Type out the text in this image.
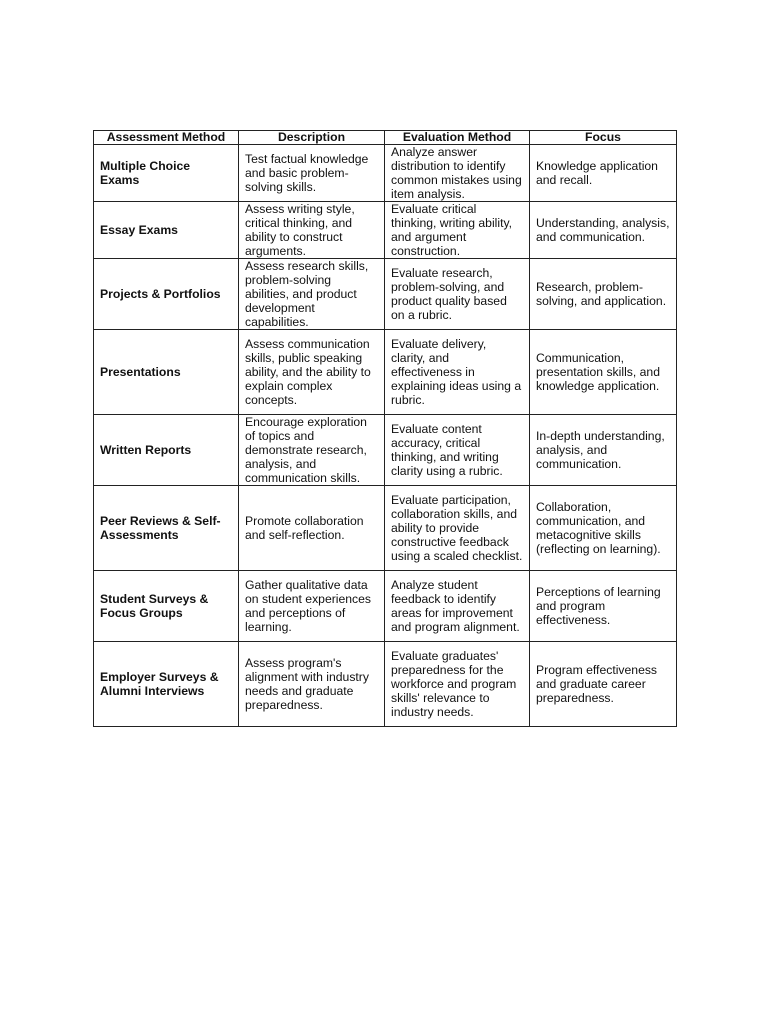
Assessment Method	Description	Evaluation Method	Focus
Multiple Choice Exams	Test factual knowledge and basic problem-solving skills.	Analyze answer distribution to identify common mistakes using item analysis.	Knowledge application and recall.
Essay Exams	Assess writing style, critical thinking, and ability to construct arguments.	Evaluate critical thinking, writing ability, and argument construction.	Understanding, analysis, and communication.
Projects & Portfolios	Assess research skills, problem-solving abilities, and product development capabilities.	Evaluate research, problem-solving, and product quality based on a rubric.	Research, problem-solving, and application.
Presentations	Assess communication skills, public speaking ability, and the ability to explain complex concepts.	Evaluate delivery, clarity, and effectiveness in explaining ideas using a rubric.	Communication, presentation skills, and knowledge application.
Written Reports	Encourage exploration of topics and demonstrate research, analysis, and communication skills.	Evaluate content accuracy, critical thinking, and writing clarity using a rubric.	In-depth understanding, analysis, and communication.
Peer Reviews & Self-Assessments	Promote collaboration and self-reflection.	Evaluate participation, collaboration skills, and ability to provide constructive feedback using a scaled checklist.	Collaboration, communication, and metacognitive skills (reflecting on learning).
Student Surveys & Focus Groups	Gather qualitative data on student experiences and perceptions of learning.	Analyze student feedback to identify areas for improvement and program alignment.	Perceptions of learning and program effectiveness.
Employer Surveys & Alumni Interviews	Assess program's alignment with industry needs and graduate preparedness.	Evaluate graduates' preparedness for the workforce and program skills' relevance to industry needs.	Program effectiveness and graduate career preparedness.
